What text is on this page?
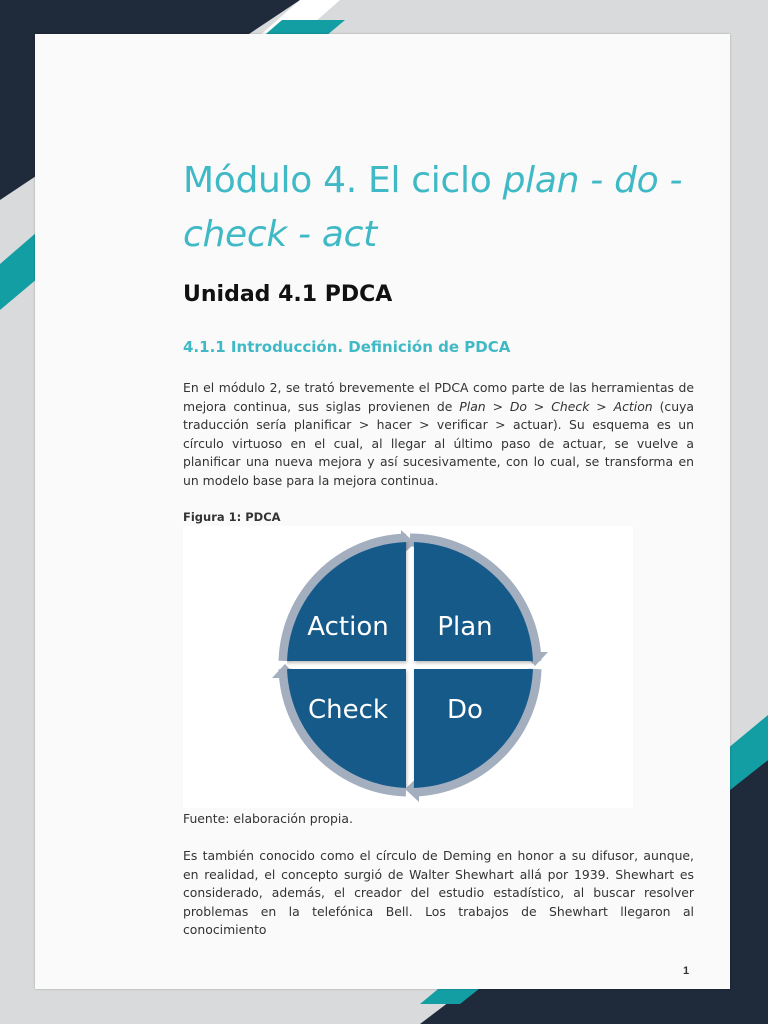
Módulo 4. El ciclo plan - do - check - act
Unidad 4.1 PDCA
4.1.1 Introducción. Definición de PDCA

En el módulo 2, se trató brevemente el PDCA como parte de las herramientas de mejora continua, sus siglas provienen de Plan > Do > Check > Action (cuya traducción sería planificar > hacer > verificar > actuar). Su esquema es un círculo virtuoso en el cual, al llegar al último paso de actuar, se vuelve a planificar una nueva mejora y así sucesivamente, con lo cual, se transforma en un modelo base para la mejora continua.

Figura 1: PDCA

Action Plan
Check Do

Fuente: elaboración propia.

Es también conocido como el círculo de Deming en honor a su difusor, aunque, en realidad, el concepto surgió de Walter Shewhart allá por 1939. Shewhart es considerado, además, el creador del estudio estadístico, al buscar resolver problemas en la telefónica Bell. Los trabajos de Shewhart llegaron al conocimiento

1
